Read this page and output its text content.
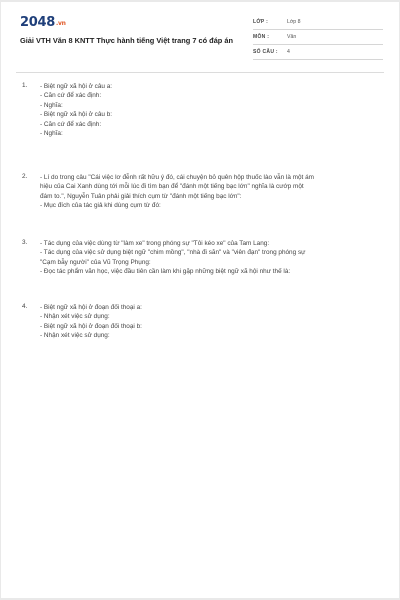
2048.vn
Giải VTH Văn 8 KNTT Thực hành tiếng Việt trang 7 có đáp án
LỚP :	Lớp 8
MÔN :	Văn
SỐ CÂU : 4
1. - Biệt ngữ xã hội ở câu a:
- Căn cứ để xác định:
- Nghĩa:
- Biệt ngữ xã hội ở câu b:
- Căn cứ để xác định:
- Nghĩa:
2. - Lí do trong câu "Cái việc lơ đễnh rất hữu ý đó, cái chuyện bỏ quên hộp thuốc lào vẫn là một ám
hiệu của Cai Xanh dùng tới mỗi lúc đi tìm bạn để "đánh một tiếng bạc lớn" nghĩa là cướp một
đám to.", Nguyễn Tuân phải giải thích cụm từ "đánh một tiếng bạc lớn":
- Mục đích của tác giả khi dùng cụm từ đó:
3. - Tác dụng của việc dùng từ "làm xe" trong phóng sự "Tôi kéo xe" của Tam Lang:
- Tác dụng của việc sử dụng biệt ngữ "chim mồng", "nhà đi săn" và "viên đạn" trong phóng sự
"Cạm bẫy người" của Vũ Trọng Phụng:
- Đọc tác phẩm văn học, việc đầu tiên cần làm khi gặp những biệt ngữ xã hội như thế là:
4. - Biệt ngữ xã hội ở đoạn đối thoại a:
- Nhận xét việc sử dụng:
- Biệt ngữ xã hội ở đoạn đối thoại b:
- Nhận xét việc sử dụng:
